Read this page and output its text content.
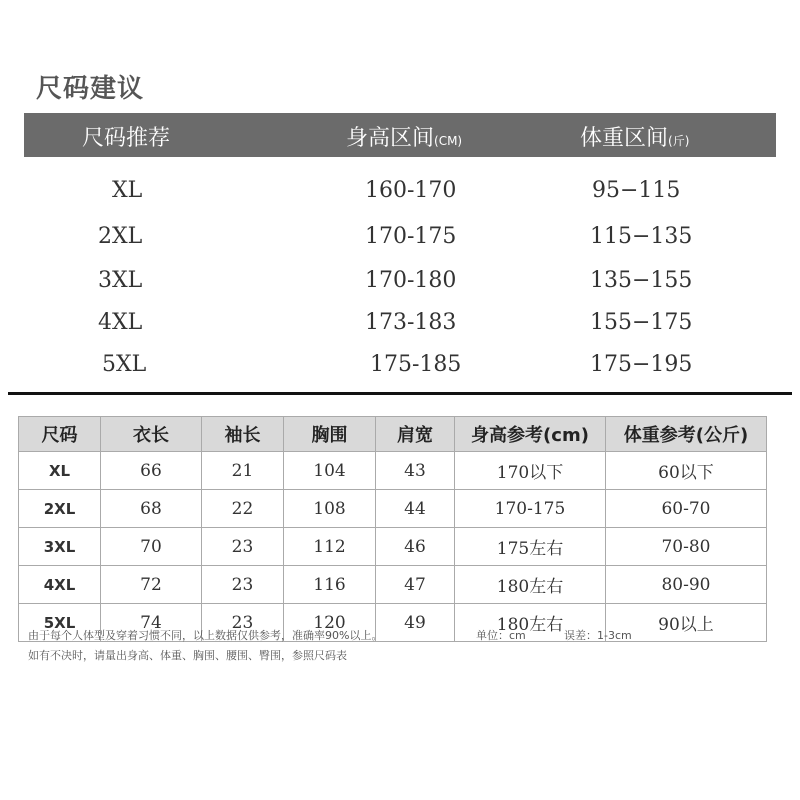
尺码建议
尺码推荐	身高区间(CM)	体重区间(斤)
XL	160-170	95−115
2XL	170-175	115−135
3XL	170-180	135−155
4XL	173-183	155−175
5XL	175-185	175−195
尺码	衣长	袖长	胸围	肩宽	身高参考(cm)	体重参考(公斤)
XL	66	21	104	43	170以下	60以下
2XL	68	22	108	44	170-175	60-70
3XL	70	23	112	46	175左右	70-80
4XL	72	23	116	47	180左右	80-90
5XL	74	23	120	49	180左右	90以上
由于每个人体型及穿着习惯不同，以上数据仅供参考，准确率90%以上。	单位：cm	误差：1-3cm
如有不决时，请量出身高、体重、胸围、腰围、臀围，参照尺码表
